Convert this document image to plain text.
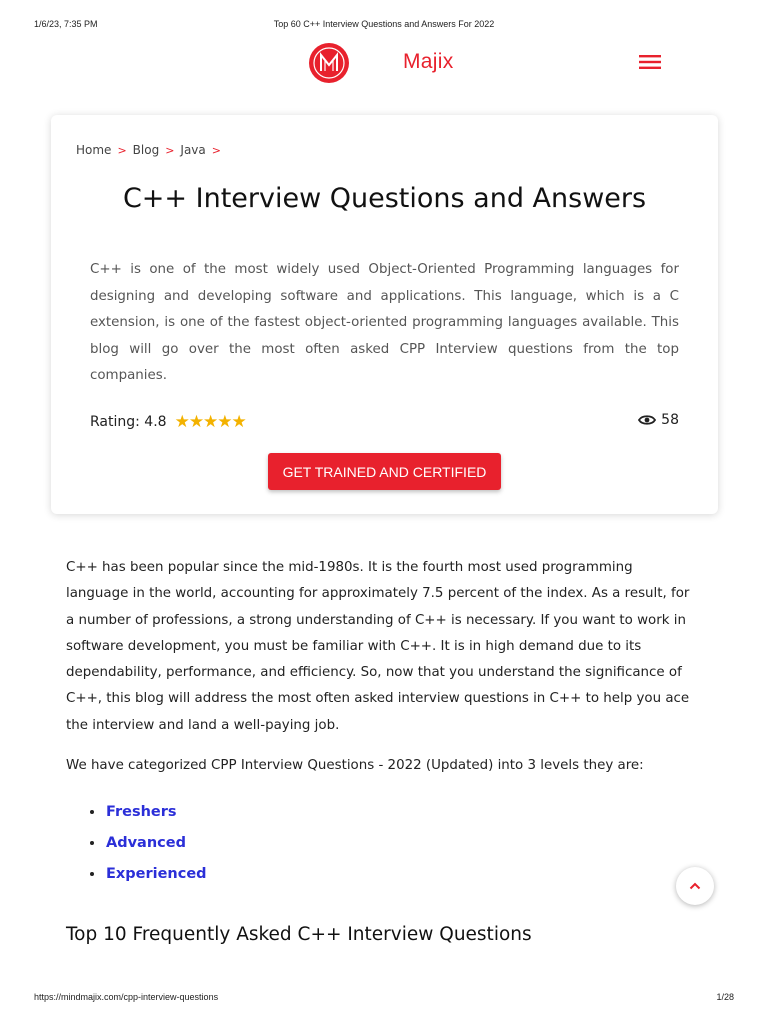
1/6/23, 7:35 PM	Top 60 C++ Interview Questions and Answers For 2022
Majix
Home > Blog > Java >
C++ Interview Questions and Answers

C++ is one of the most widely used Object-Oriented Programming languages for designing and developing software and applications. This language, which is a C extension, is one of the fastest object-oriented programming languages available. This blog will go over the most often asked CPP Interview questions from the top companies.

Rating: 4.8 ★★★★★	58
GET TRAINED AND CERTIFIED

C++ has been popular since the mid-1980s. It is the fourth most used programming language in the world, accounting for approximately 7.5 percent of the index. As a result, for a number of professions, a strong understanding of C++ is necessary. If you want to work in software development, you must be familiar with C++. It is in high demand due to its dependability, performance, and efficiency. So, now that you understand the significance of C++, this blog will address the most often asked interview questions in C++ to help you ace the interview and land a well-paying job.

We have categorized CPP Interview Questions - 2022 (Updated) into 3 levels they are:

Freshers
Advanced
Experienced
Top 10 Frequently Asked C++ Interview Questions
https://mindmajix.com/cpp-interview-questions	1/28
